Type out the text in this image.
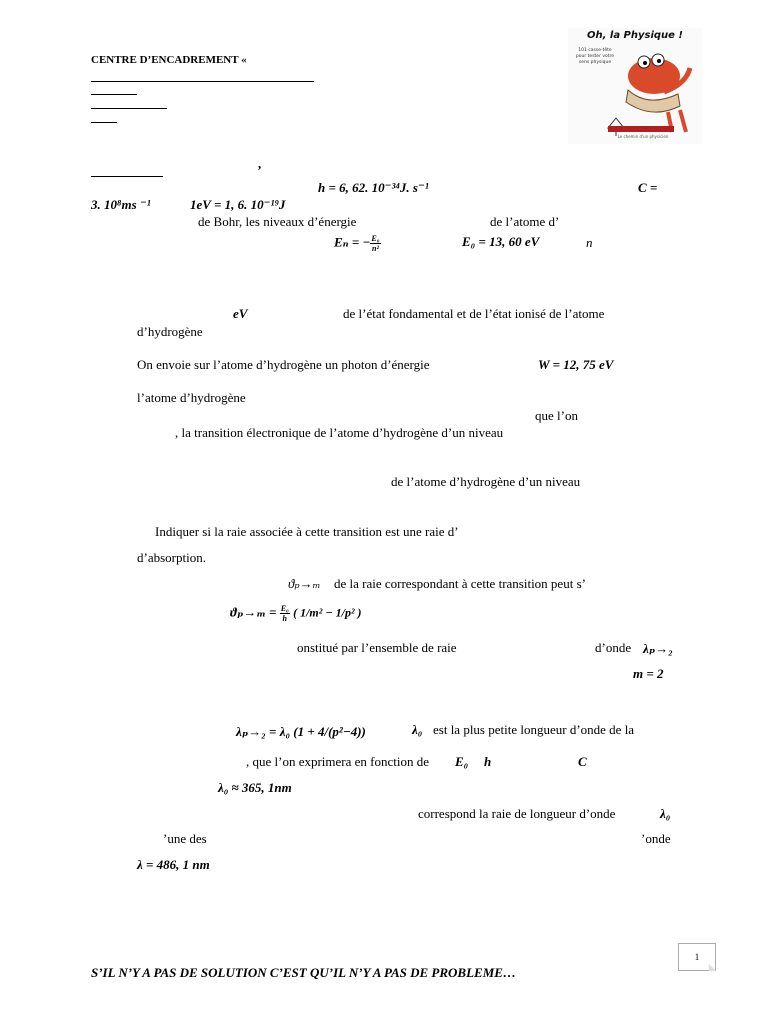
CENTRE D’ENCADREMENT «
,
Oh, la Physique !
101 casse-tête pour tester votre sens physique
Le chemin d'un physicien
h = 6, 62. 10⁻³⁴J. s⁻¹	C =
3. 10⁸ms ⁻¹	1eV = 1, 6. 10⁻¹⁹J
de Bohr, les niveaux d’énergie	de l’atome d’
Eₙ = − $\frac{\text{E₀}}{\text{n²}}$	E₀ = 13, 60 eV	n
eV	de l’état fondamental et de l’état ionisé de l’atome
d’hydrogène
On envoie sur l’atome d’hydrogène un photon d’énergie	W = 12, 75 eV
l’atome d’hydrogène
que l’on
, la transition électronique de l’atome d’hydrogène d’un niveau
de l’atome d’hydrogène d’un niveau
Indiquer si la raie associée à cette transition est une raie d’
d’absorption.
ϑₚ→ₘ de la raie correspondant à cette transition peut s’
$ϑ_p\to_m = \frac{\text{E₀}}{h}$ ( 1/m² − 1/p² )
onstitué par l’ensemble de raie	d’onde λₚ→₂
m = 2
λₚ→₂ = λ₀ (1 + 4/(p²−4))	λ₀ est la plus petite longueur d’onde de la
, que l’on exprimera en fonction de E₀ h	C
λ₀ ≈ 365, 1nm
correspond la raie de longueur d’onde	λ₀
’une des	’onde
λ = 486, 1 nm
1
S’IL N’Y A PAS DE SOLUTION C’EST QU’IL N’Y A PAS DE PROBLEME…
